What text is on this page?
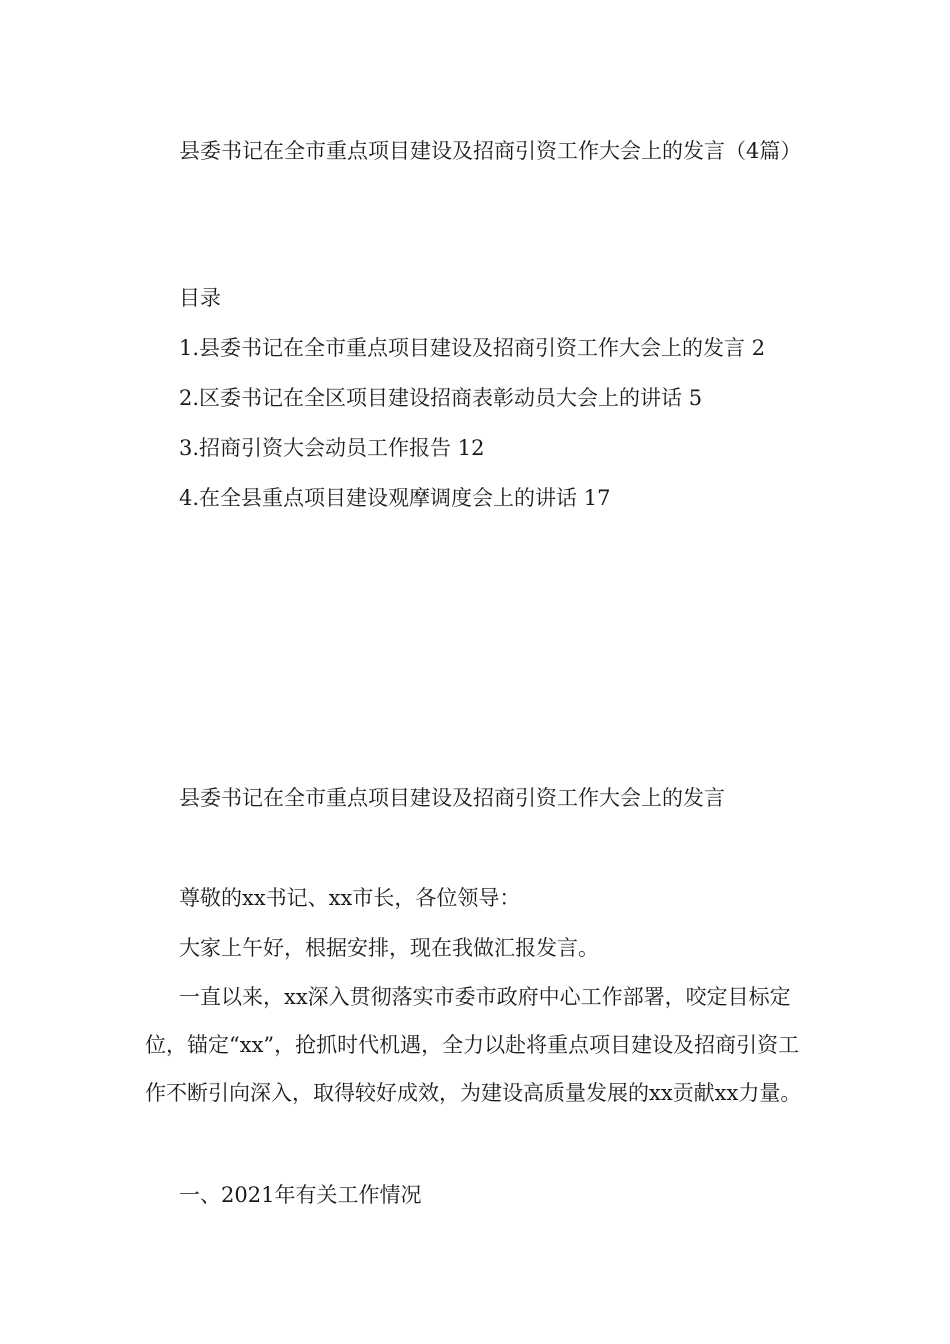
县委书记在全市重点项目建设及招商引资工作大会上的发言（4篇）

目录

1.县委书记在全市重点项目建设及招商引资工作大会上的发言 2

2.区委书记在全区项目建设招商表彰动员大会上的讲话 5

3.招商引资大会动员工作报告 12

4.在全县重点项目建设观摩调度会上的讲话 17

县委书记在全市重点项目建设及招商引资工作大会上的发言

尊敬的xx书记、xx市长，各位领导：

大家上午好，根据安排，现在我做汇报发言。

一直以来，xx深入贯彻落实市委市政府中心工作部署，咬定目标定位，锚定“xx”，抢抓时代机遇，全力以赴将重点项目建设及招商引资工作不断引向深入，取得较好成效，为建设高质量发展的xx贡献xx力量。

一、2021年有关工作情况
